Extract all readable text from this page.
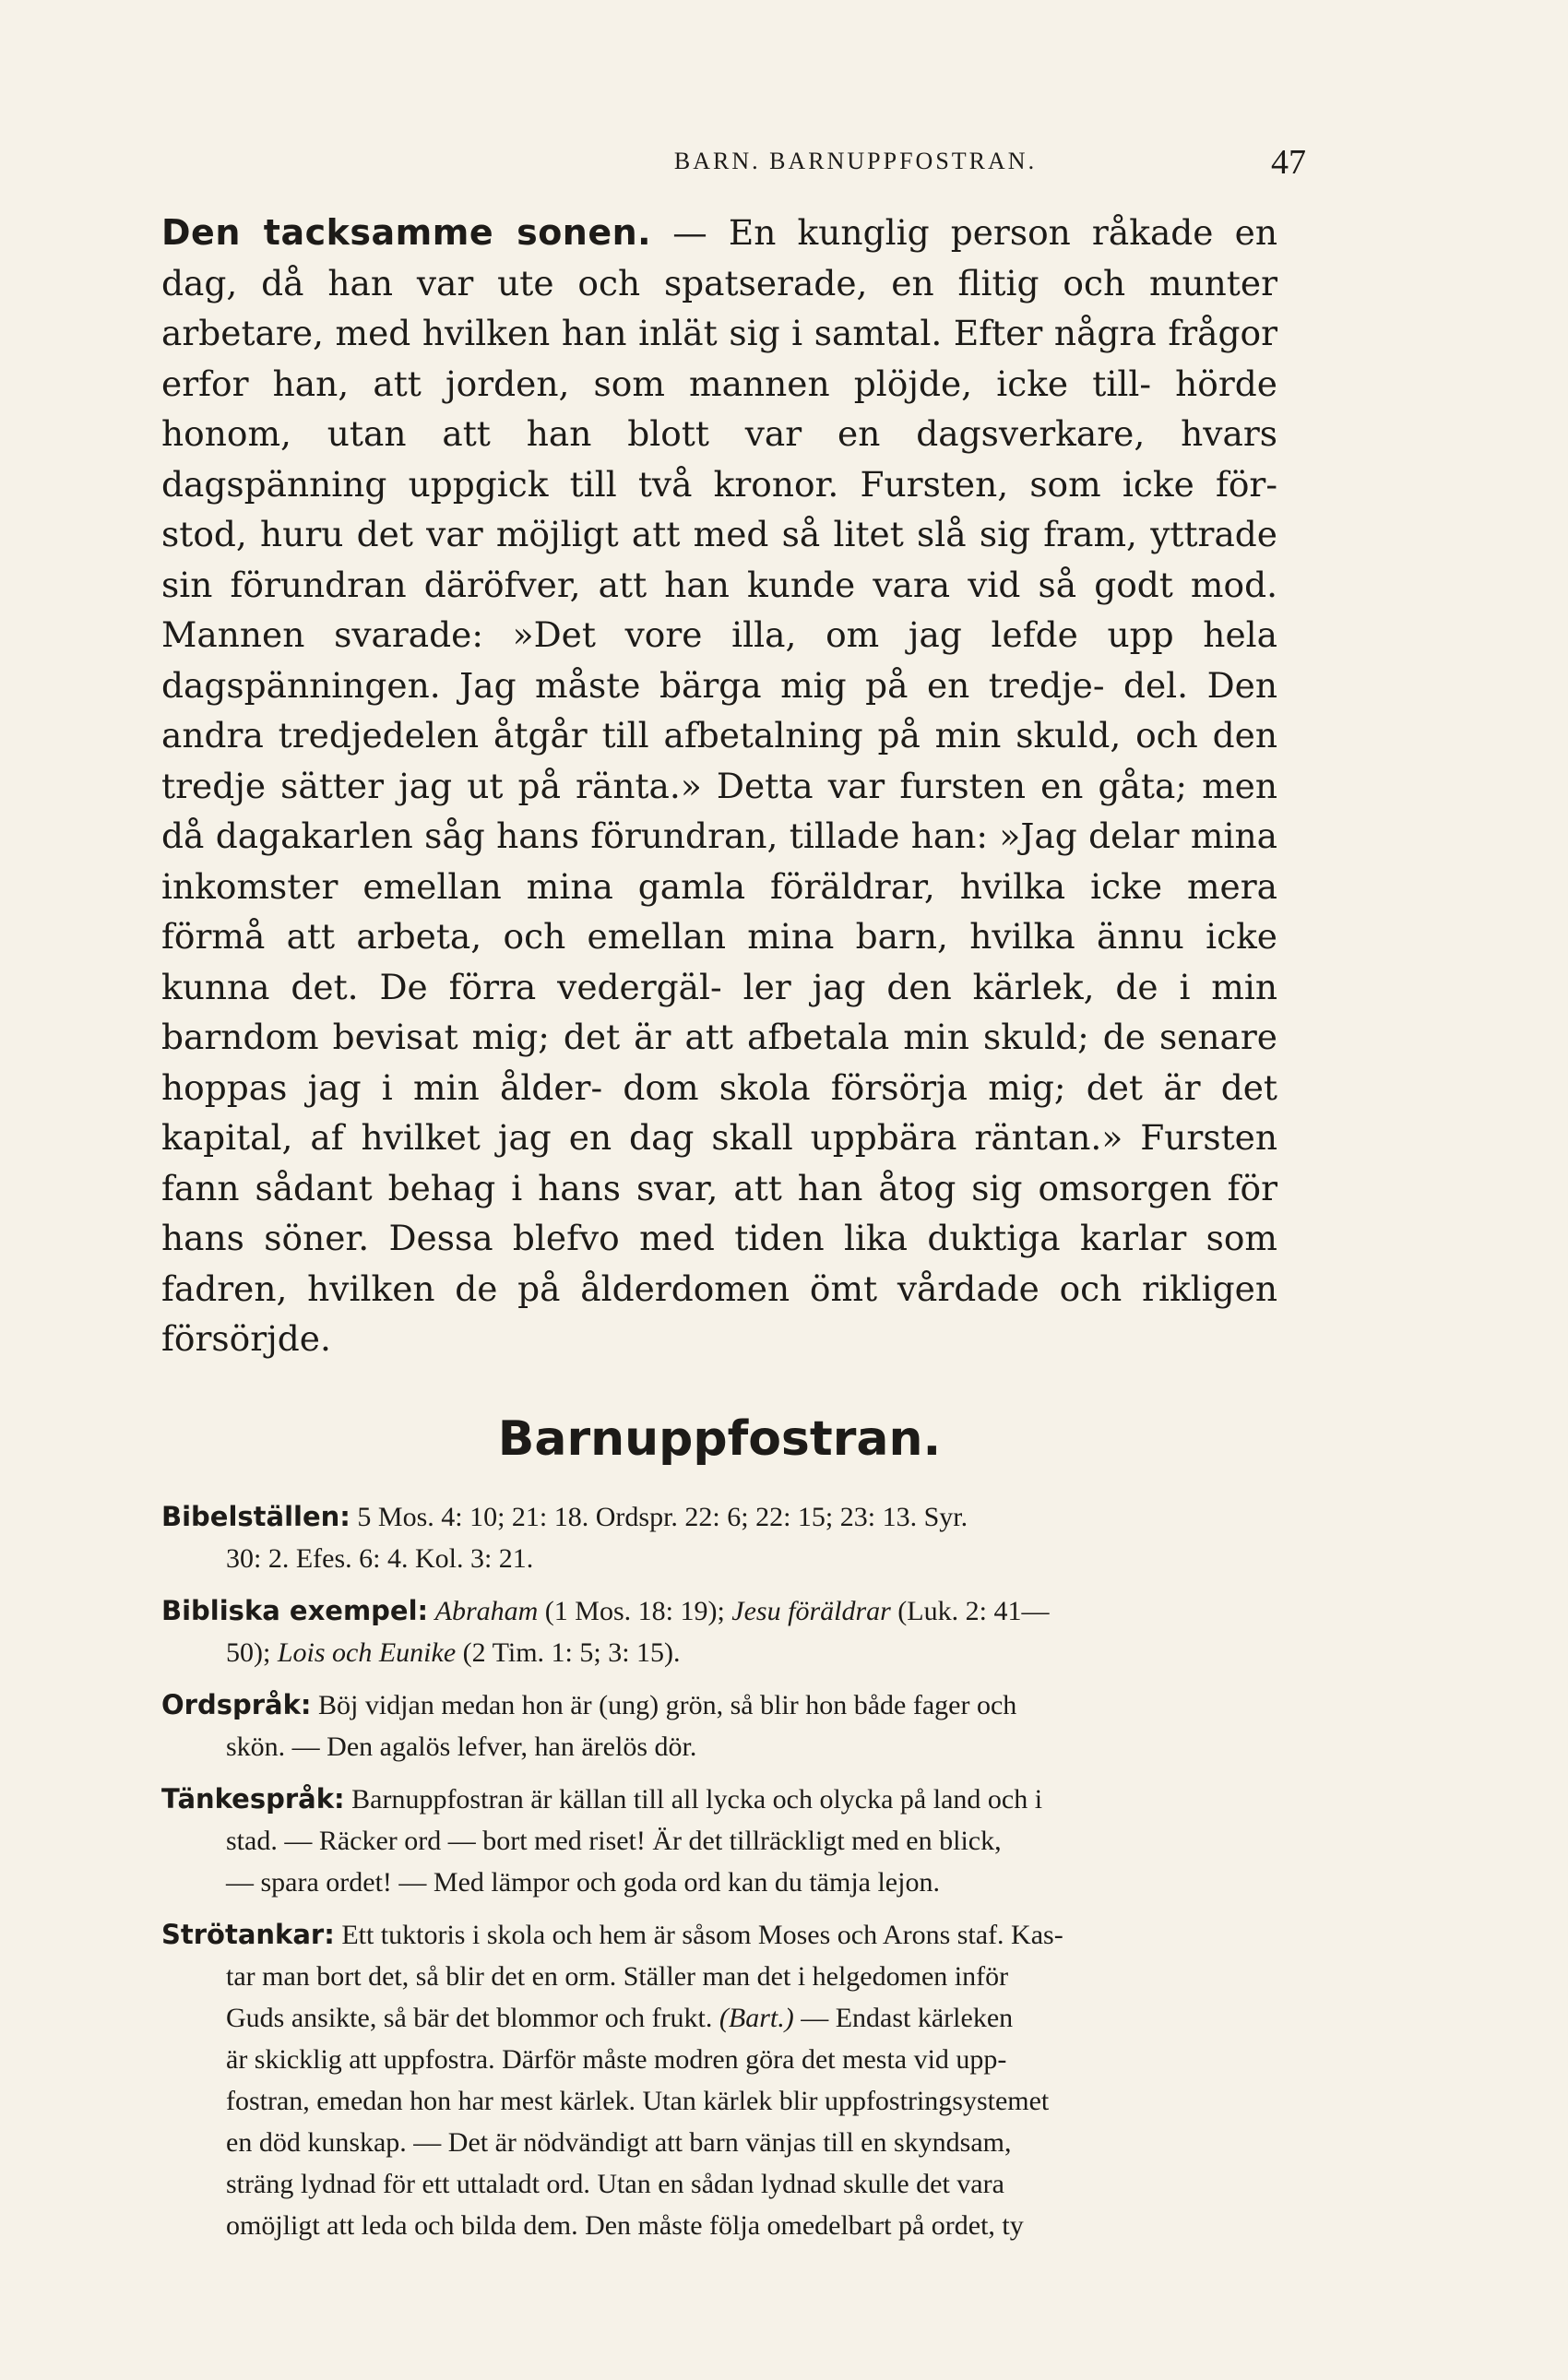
BARN. BARNUPPFOSTRAN.	47
Den tacksamme sonen. — En kunglig person råkade en dag, då han var ute och spatserade, en flitig och munter arbetare, med hvilken han inlät sig i samtal. Efter några frågor erfor han, att jorden, som mannen plöjde, icke till- hörde honom, utan att han blott var en dagsverkare, hvars dagspänning uppgick till två kronor. Fursten, som icke för- stod, huru det var möjligt att med så litet slå sig fram, yttrade sin förundran däröfver, att han kunde vara vid så godt mod. Mannen svarade: »Det vore illa, om jag lefde upp hela dagspänningen. Jag måste bärga mig på en tredje- del. Den andra tredjedelen åtgår till afbetalning på min skuld, och den tredje sätter jag ut på ränta.» Detta var fursten en gåta; men då dagakarlen såg hans förundran, tillade han: »Jag delar mina inkomster emellan mina gamla föräldrar, hvilka icke mera förmå att arbeta, och emellan mina barn, hvilka ännu icke kunna det. De förra vedergäl- ler jag den kärlek, de i min barndom bevisat mig; det är att afbetala min skuld; de senare hoppas jag i min ålder- dom skola försörja mig; det är det kapital, af hvilket jag en dag skall uppbära räntan.» Fursten fann sådant behag i hans svar, att han åtog sig omsorgen för hans söner. Dessa blefvo med tiden lika duktiga karlar som fadren, hvilken de på ålderdomen ömt vårdade och rikligen försörjde.
Barnuppfostran.
Bibelställen: 5 Mos. 4: 10; 21: 18. Ordspr. 22: 6; 22: 15; 23: 13. Syr.
30: 2. Efes. 6: 4. Kol. 3: 21.
Bibliska exempel: Abraham (1 Mos. 18: 19); Jesu föräldrar (Luk. 2: 41—
50); Lois och Eunike (2 Tim. 1: 5; 3: 15).
Ordspråk: Böj vidjan medan hon är (ung) grön, så blir hon både fager och
skön. — Den agalös lefver, han ärelös dör.
Tänkespråk: Barnuppfostran är källan till all lycka och olycka på land och i
stad. — Räcker ord — bort med riset! Är det tillräckligt med en blick,
— spara ordet! — Med lämpor och goda ord kan du tämja lejon.
Strötankar: Ett tuktoris i skola och hem är såsom Moses och Arons staf. Kas-
tar man bort det, så blir det en orm. Ställer man det i helgedomen inför
Guds ansikte, så bär det blommor och frukt. (Bart.) — Endast kärleken
är skicklig att uppfostra. Därför måste modren göra det mesta vid upp-
fostran, emedan hon har mest kärlek. Utan kärlek blir uppfostringsystemet
en död kunskap. — Det är nödvändigt att barn vänjas till en skyndsam,
sträng lydnad för ett uttaladt ord. Utan en sådan lydnad skulle det vara
omöjligt att leda och bilda dem. Den måste följa omedelbart på ordet, ty
